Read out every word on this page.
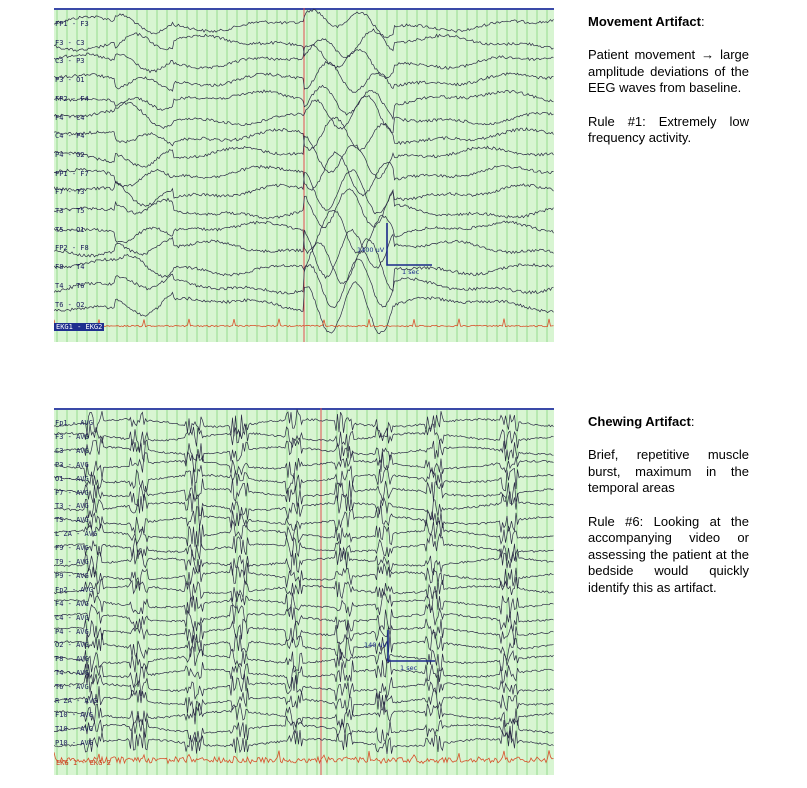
FP1 - F3
F3 - C3
C3 - P3
P3 - O1
FP2 - F4
F4 - C4
C4 - P4
P4 - O2
FP1 - F7
F7 - T3
T3 - T5
T5 - O1
FP2 - F8
F8 - T4
T4 - T6
T6 - O2
EKG1 - EKG2
1400 uV
1 sec

Movement Artifact:

Patient movement → large amplitude deviations of the EEG waves from baseline.

Rule #1: Extremely low frequency activity.

Fp1 - AVG
F3 - AVG
C3 - AVG
P3 - AVG
O1 - AVG
F7 - AVG
T3 - AVG
T5 - AVG
L ZA - AVG
F9 - AVG
T9 - AVG
P9 - AVG
Fp2 - AVG
F4 - AVG
C4 - AVG
P4 - AVG
O2 - AVG
F8 - AVG
T4 - AVG
T6 - AVG
R ZA - AVG
F10 - AVG
T10 - AVG
P10 - AVG
EKG 1 - EKG 2
140 uV
1 sec

Chewing Artifact:

Brief, repetitive muscle burst, maximum in the temporal areas

Rule #6: Looking at the accompanying video or assessing the patient at the bedside would quickly identify this as artifact.
